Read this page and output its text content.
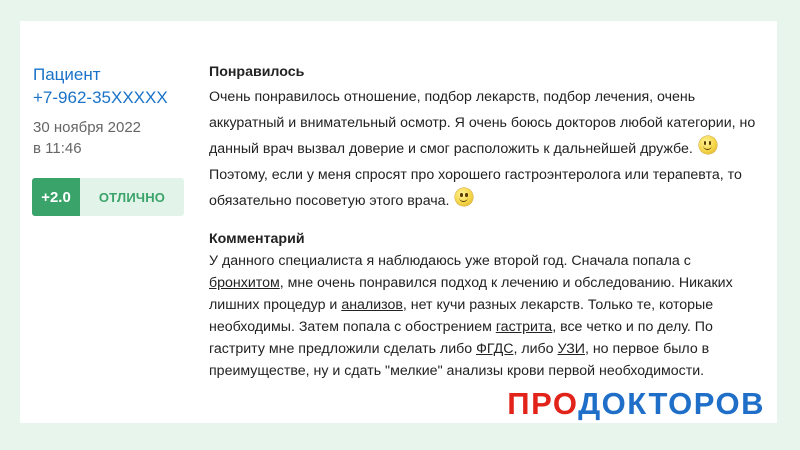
Пациент
+7-962-35XXXXX
30 ноября 2022
в 11:46
+2.0	ОТЛИЧНО

Понравилось

Очень понравилось отношение, подбор лекарств, подбор лечения, очень аккуратный и внимательный осмотр. Я очень боюсь докторов любой категории, но данный врач вызвал доверие и смог расположить к дальнейшей дружбе.
Поэтому, если у меня спросят про хорошего гастроэнтеролога или терапевта, то обязательно посоветую этого врача.

Комментарий

У данного специалиста я наблюдаюсь уже второй год. Сначала попала с бронхитом, мне очень понравился подход к лечению и обследованию. Никаких лишних процедур и анализов, нет кучи разных лекарств. Только те, которые необходимы. Затем попала с обострением гастрита, все четко и по делу. По гастриту мне предложили сделать либо ФГДС, либо УЗИ, но первое было в преимуществе, ну и сдать "мелкие" анализы крови первой необходимости.

ПРОДОКТОРОВ
